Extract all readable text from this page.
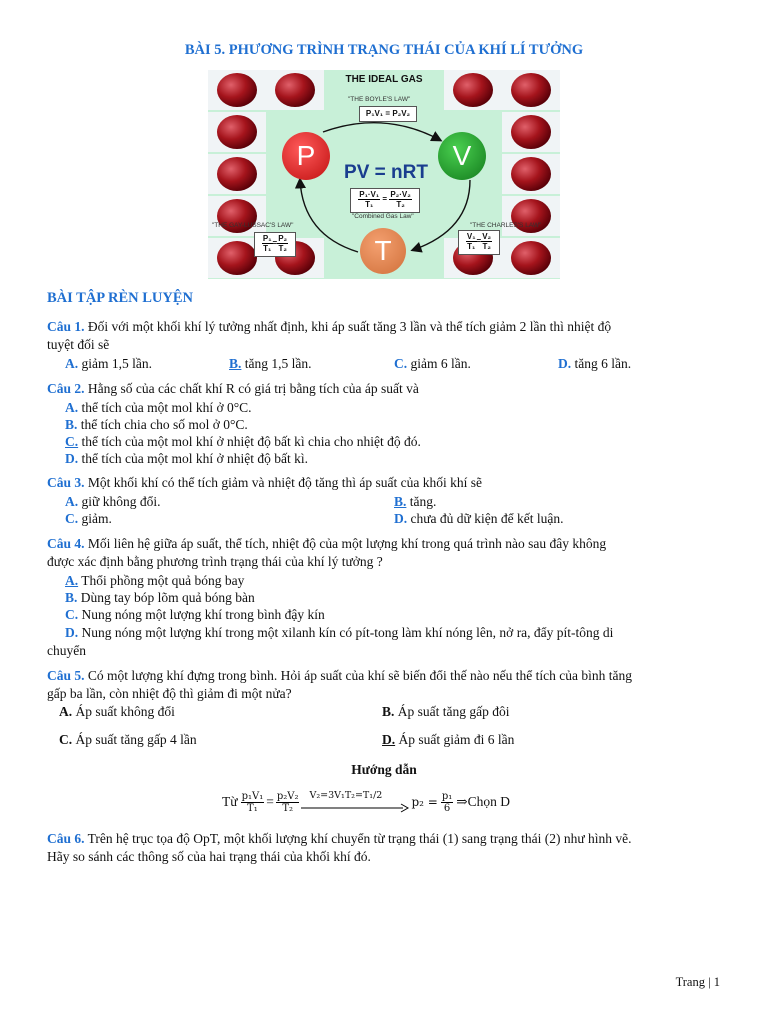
BÀI 5. PHƯƠNG TRÌNH TRẠNG THÁI CỦA KHÍ LÍ TƯỞNG
THE IDEAL GAS
"THE BOYLE'S LAW"
P₁V₁ = P₂V₂
P	V
T
PV = nRT
$\frac{\text{P₁·V₁}}{\text{T₁}} = \frac{\text{P₂·V₂}}{\text{T₂}}$
"Combined Gas Law"
"THE GAY-LUSSAC'S LAW"
$\frac{\text{P₁}}{\text{T₁}} = \frac{\text{P₂}}{\text{T₂}}$
"THE CHARLES'S LAW"
$\frac{\text{V₁}}{\text{T₁}} = \frac{\text{V₂}}{\text{T₂}}$
BÀI TẬP RÈN LUYỆN
Câu 1. Đối với một khối khí lý tưởng nhất định, khi áp suất tăng 3 lần và thể tích giảm 2 lần thì nhiệt độ
tuyệt đối sẽ
A. giảm 1,5 lần.	B. tăng 1,5 lần.	C. giảm 6 lần.	D. tăng 6 lần.
Câu 2. Hằng số của các chất khí R có giá trị bằng tích của áp suất và
A. thể tích của một mol khí ở 0°C.
B. thể tích chia cho số mol ở 0°C.
C. thể tích của một mol khí ở nhiệt độ bất kì chia cho nhiệt độ đó.
D. thể tích của một mol khí ở nhiệt độ bất kì.
Câu 3. Một khối khí có thể tích giảm và nhiệt độ tăng thì áp suất của khối khí sẽ
A. giữ không đổi.	B. tăng.
C. giảm.	D. chưa đủ dữ kiện để kết luận.
Câu 4. Mối liên hệ giữa áp suất, thể tích, nhiệt độ của một lượng khí trong quá trình nào sau đây không
được xác định bằng phương trình trạng thái của khí lý tưởng ?
A. Thổi phồng một quả bóng bay
B. Dùng tay bóp lõm quả bóng bàn
C. Nung nóng một lượng khí trong bình đậy kín
D. Nung nóng một lượng khí trong một xilanh kín có pít-tong làm khí nóng lên, nở ra, đẩy pít-tông di
chuyển
Câu 5. Có một lượng khí đựng trong bình. Hỏi áp suất của khí sẽ biến đổi thế nào nếu thể tích của bình tăng
gấp ba lần, còn nhiệt độ thì giảm đi một nửa?
A. Áp suất không đổi	B. Áp suất tăng gấp đôi
C. Áp suất tăng gấp 4 lần	D. Áp suất giảm đi 6 lần
Hướng dẫn
Từ $\frac{\text{p₁V₁}}{\text{T₁}} = \frac{\text{p₂V₂}}{\text{T₂}} V_2=3V_1T_2=T_1/2$ $p_2 = \frac{\text{p₁}}{6}$ ⇒Chọn D
Câu 6. Trên hệ trục tọa độ OpT, một khối lượng khí chuyển từ trạng thái (1) sang trạng thái (2) như hình vẽ.
Hãy so sánh các thông số của hai trạng thái của khối khí đó.
Trang | 1
